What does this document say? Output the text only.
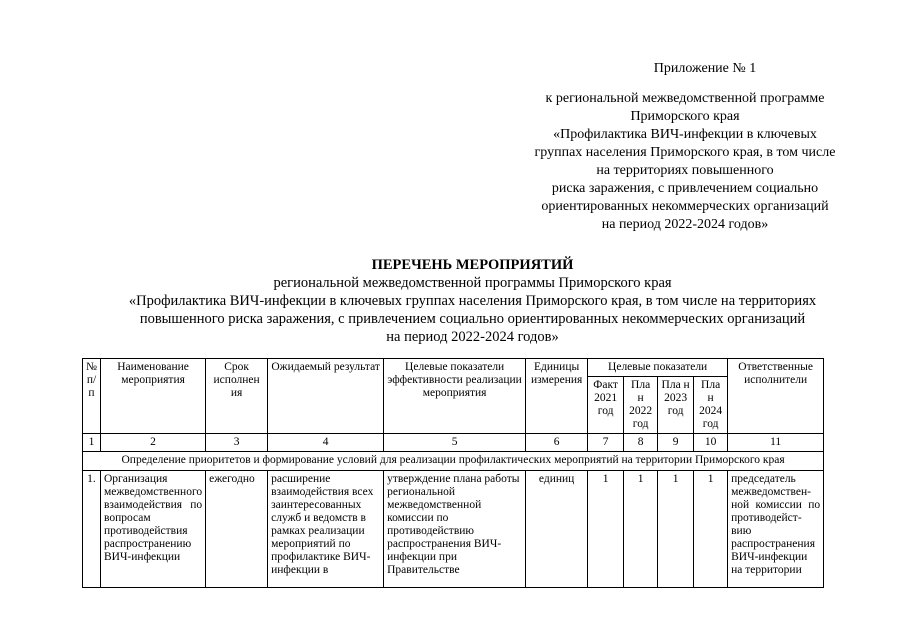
Приложение № 1
к региональной межведомственной программе
Приморского края
«Профилактика ВИЧ-инфекции в ключевых
группах населения Приморского края, в том числе
на территориях повышенного
риска заражения, с привлечением социально
ориентированных некоммерческих организаций
на период 2022-2024 годов»
ПЕРЕЧЕНЬ МЕРОПРИЯТИЙ
региональной межведомственной программы Приморского края
«Профилактика ВИЧ-инфекции в ключевых группах населения Приморского края, в том числе на территориях
повышенного риска заражения, с привлечением социально ориентированных некоммерческих организаций
на период 2022-2024 годов»
№ п/ п	Наименование мероприятия	Срок исполнен ия	Ожидаемый результат	Целевые показатели эффективности реализации мероприятия	Единицы измерения	Целевые показатели				Ответственные исполнители
						Факт 2021 год	Пла н 2022 год	Пла н 2023 год	Пла н 2024 год	
1	2	3	4	5	6	7	8	9	10	11
Определение приоритетов и формирование условий для реализации профилактических мероприятий на территории Приморского края										
1.	Организация межведомственного взаимодействия по вопросам противодействия распространению ВИЧ-инфекции	ежегодно	расширение взаимодействия всех заинтересованных служб и ведомств в рамках реализации мероприятий по профилактике ВИЧ-инфекции в	утверждение плана работы региональной межведомственной комиссии по противодействию распространения ВИЧ-инфекции при Правительстве	единиц	1	1	1	1	председатель межведомствен-ной комиссии по противодейст-вию распространения ВИЧ-инфекции на территории
